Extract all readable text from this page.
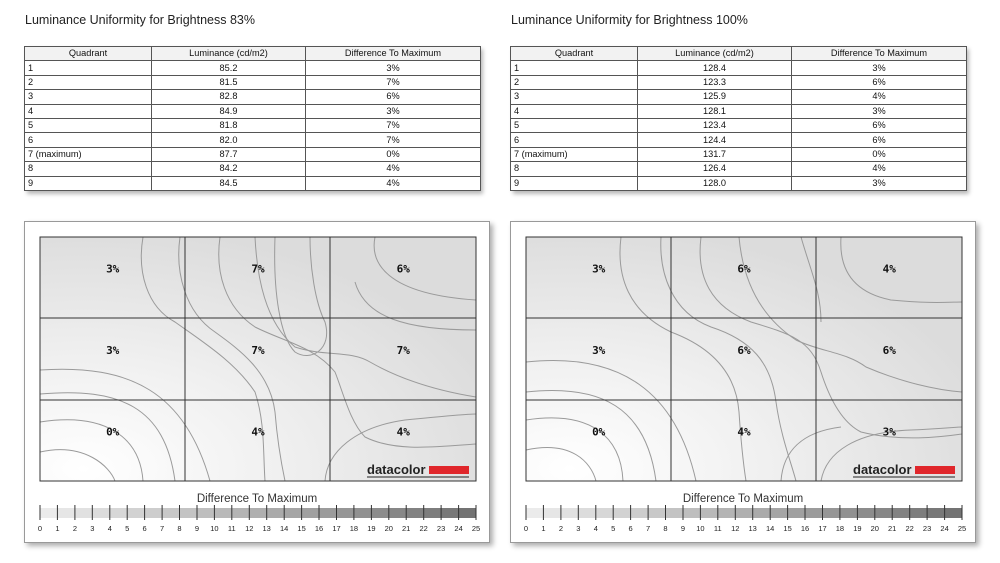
Luminance Uniformity for Brightness 83%
Quadrant	Luminance (cd/m2)	Difference To Maximum
1	85.2	3%
2	81.5	7%
3	82.8	6%
4	84.9	3%
5	81.8	7%
6	82.0	7%
7 (maximum)	87.7	0%
8	84.2	4%
9	84.5	4%
3%	7%	6%
3%	7%	7%
0%	4%	4%
datacolor
Difference To Maximum
0 1 2 3 4 5 6 7 8 9 10 11 12 13 14 15 16 17 18 19 20 21 22 23 24 25
Luminance Uniformity for Brightness 100%
Quadrant	Luminance (cd/m2)	Difference To Maximum
1	128.4	3%
2	123.3	6%
3	125.9	4%
4	128.1	3%
5	123.4	6%
6	124.4	6%
7 (maximum)	131.7	0%
8	126.4	4%
9	128.0	3%
3%	6%	4%
3%	6%	6%
0%	4%	3%
datacolor
Difference To Maximum
0 1 2 3 4 5 6 7 8 9 10 11 12 13 14 15 16 17 18 19 20 21 22 23 24 25
